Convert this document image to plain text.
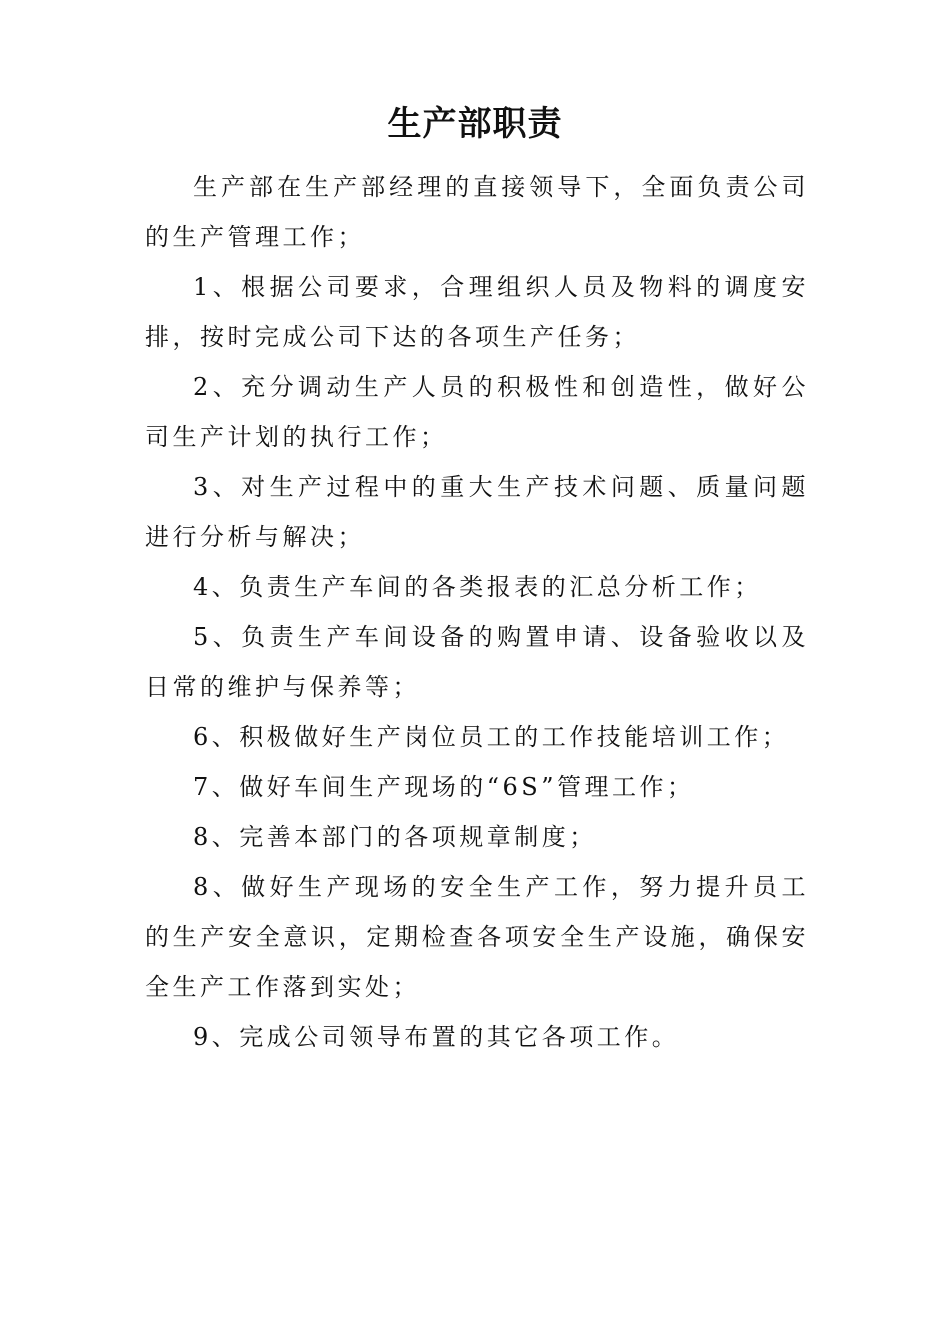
生产部职责

生产部在生产部经理的直接领导下，全面负责公司的生产管理工作；

1、根据公司要求，合理组织人员及物料的调度安排，按时完成公司下达的各项生产任务；

2、充分调动生产人员的积极性和创造性，做好公司生产计划的执行工作；

3、对生产过程中的重大生产技术问题、质量问题进行分析与解决；

4、负责生产车间的各类报表的汇总分析工作；

5、负责生产车间设备的购置申请、设备验收以及日常的维护与保养等；

6、积极做好生产岗位员工的工作技能培训工作；

7、做好车间生产现场的“6S”管理工作；

8、完善本部门的各项规章制度；

8、做好生产现场的安全生产工作，努力提升员工的生产安全意识，定期检查各项安全生产设施，确保安全生产工作落到实处；

9、完成公司领导布置的其它各项工作。
